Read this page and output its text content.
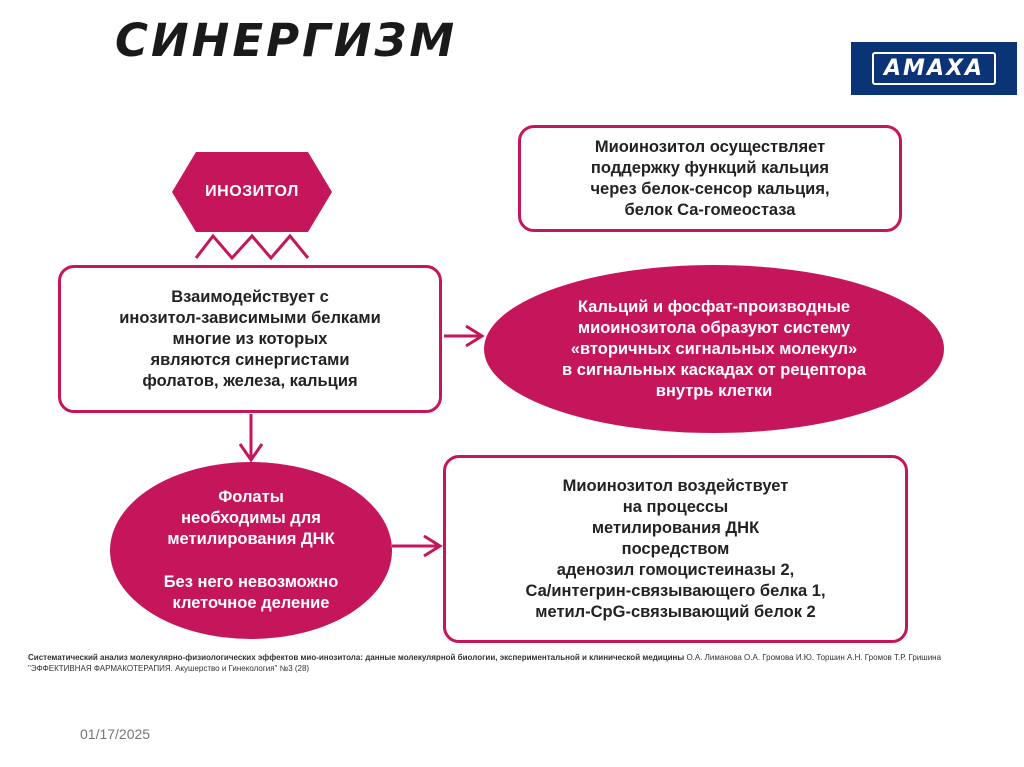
СИНЕРГИЗМ
AMAXA
ИНОЗИТОЛ
Миоинозитол осуществляет
поддержку функций кальция
через белок-сенсор кальция,
белок Са-гомеостаза
Взаимодействует с
инозитол-зависимыми белками
многие из которых
являются синергистами
фолатов, железа, кальция
Кальций и фосфат-производные
миоинозитола образуют систему
«вторичных сигнальных молекул»
в сигнальных каскадах от рецептора
внутрь клетки
Фолаты
необходимы для
метилирования ДНК
Без него невозможно
клеточное деление
Миоинозитол воздействует
на процессы
метилирования ДНК
посредством
аденозил гомоцистеиназы 2,
Са/интегрин-связывающего белка 1,
метил-CpG-связывающий белок 2
Систематический анализ молекулярно-физиологических эффектов мио-инозитола: данные молекулярной биологии, экспериментальной и клинической медицины О.А. Лиманова О.А. Громова И.Ю. Торшин А.Н. Громов Т.Р. Гришина
"ЭФФЕКТИВНАЯ ФАРМАКОТЕРАПИЯ. Акушерство и Гинекология" №3 (28)
01/17/2025
